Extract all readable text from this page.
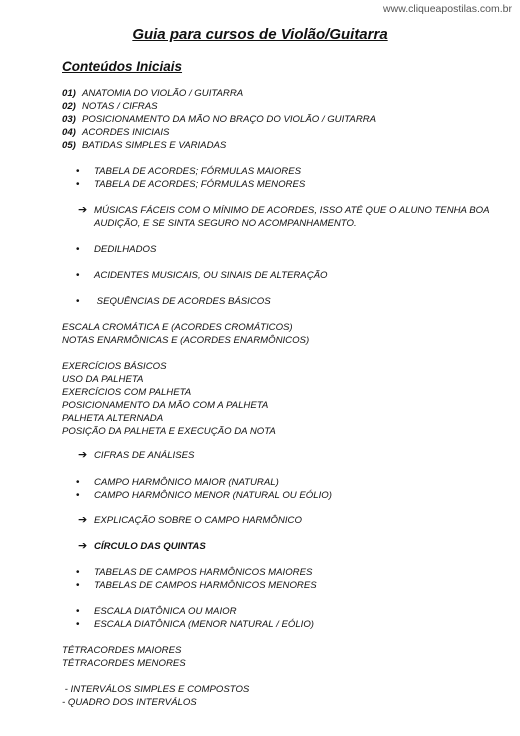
www.cliqueapostilas.com.br
Guia para cursos de Violão/Guitarra
Conteúdos Iniciais
01) ANATOMIA DO VIOLÃO / GUITARRA
02) NOTAS / CIFRAS
03) POSICIONAMENTO DA MÃO NO BRAÇO DO VIOLÃO / GUITARRA
04) ACORDES INICIAIS
05) BATIDAS SIMPLES E VARIADAS
• TABELA DE ACORDES; FÓRMULAS MAIORES
• TABELA DE ACORDES; FÓRMULAS MENORES
➔ MÚSICAS FÁCEIS COM O MÍNIMO DE ACORDES, ISSO ATÉ QUE O ALUNO TENHA BOA
AUDIÇÃO, E SE SINTA SEGURO NO ACOMPANHAMENTO.
• DEDILHADOS
• ACIDENTES MUSICAIS, OU SINAIS DE ALTERAÇÃO
• SEQUÊNCIAS DE ACORDES BÁSICOS
ESCALA CROMÁTICA E (ACORDES CROMÁTICOS)
NOTAS ENARMÔNICAS E (ACORDES ENARMÔNICOS)
EXERCÍCIOS BÁSICOS
USO DA PALHETA
EXERCÍCIOS COM PALHETA
POSICIONAMENTO DA MÃO COM A PALHETA
PALHETA ALTERNADA
POSIÇÃO DA PALHETA E EXECUÇÃO DA NOTA
➔ CIFRAS DE ANÁLISES
• CAMPO HARMÔNICO MAIOR (NATURAL)
• CAMPO HARMÔNICO MENOR (NATURAL OU EÓLIO)
➔ EXPLICAÇÃO SOBRE O CAMPO HARMÔNICO
➔ CÍRCULO DAS QUINTAS
• TABELAS DE CAMPOS HARMÔNICOS MAIORES
• TABELAS DE CAMPOS HARMÔNICOS MENORES
• ESCALA DIATÔNICA OU MAIOR
• ESCALA DIATÔNICA (MENOR NATURAL / EÓLIO)
TÉTRACORDES MAIORES
TÉTRACORDES MENORES
- INTERVÁLOS SIMPLES E COMPOSTOS
- QUADRO DOS INTERVÁLOS
